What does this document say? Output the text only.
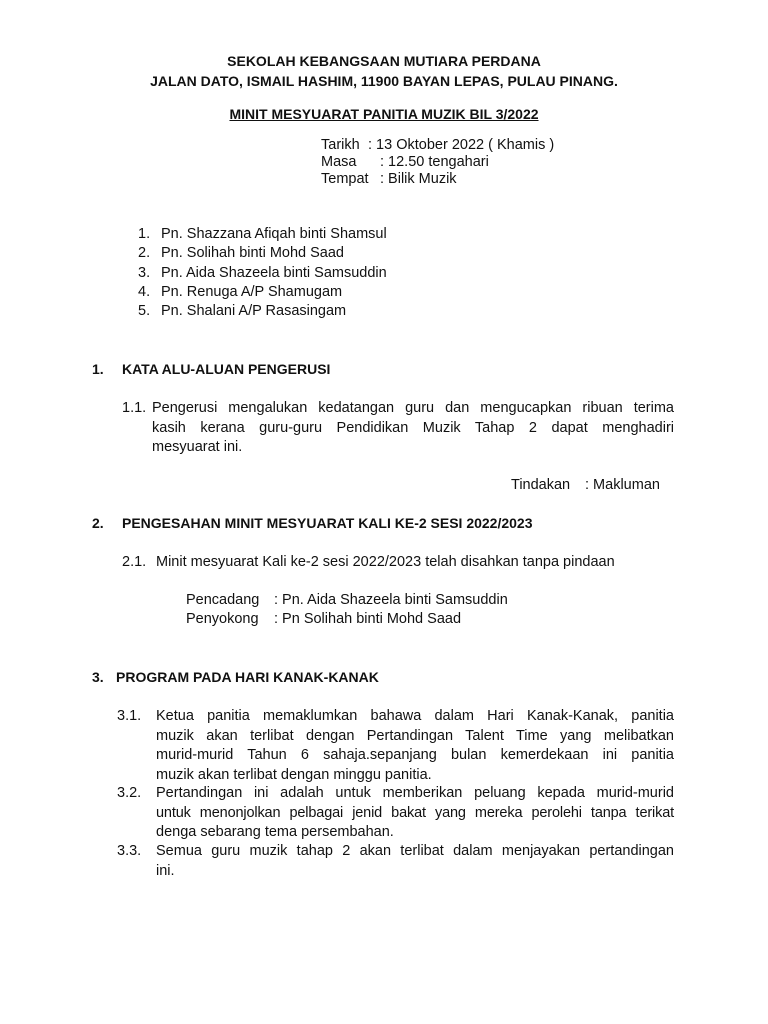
SEKOLAH KEBANGSAAN MUTIARA PERDANA
JALAN DATO, ISMAIL HASHIM, 11900 BAYAN LEPAS, PULAU PINANG.
MINIT MESYUARAT PANITIA MUZIK BIL 3/2022
Tarikh : 13 Oktober 2022 ( Khamis )
Masa : 12.50 tengahari
Tempat : Bilik Muzik
1. Pn. Shazzana Afiqah binti Shamsul
2. Pn. Solihah binti Mohd Saad
3. Pn. Aida Shazeela binti Samsuddin
4. Pn. Renuga A/P Shamugam
5. Pn. Shalani A/P Rasasingam
1. KATA ALU-ALUAN PENGERUSI
1.1. Pengerusi mengalukan kedatangan guru dan mengucapkan ribuan terima
kasih kerana guru-guru Pendidikan Muzik Tahap 2 dapat menghadiri
mesyuarat ini.
Tindakan : Makluman
2. PENGESAHAN MINIT MESYUARAT KALI KE-2 SESI 2022/2023
2.1. Minit mesyuarat Kali ke-2 sesi 2022/2023 telah disahkan tanpa pindaan
Pencadang : Pn. Aida Shazeela binti Samsuddin
Penyokong : Pn Solihah binti Mohd Saad
3. PROGRAM PADA HARI KANAK-KANAK
3.1. Ketua panitia memaklumkan bahawa dalam Hari Kanak-Kanak, panitia
muzik akan terlibat dengan Pertandingan Talent Time yang melibatkan
murid-murid Tahun 6 sahaja.sepanjang bulan kemerdekaan ini panitia
muzik akan terlibat dengan minggu panitia.
3.2. Pertandingan ini adalah untuk memberikan peluang kepada murid-murid
untuk menonjolkan pelbagai jenid bakat yang mereka perolehi tanpa terikat
denga sebarang tema persembahan.
3.3. Semua guru muzik tahap 2 akan terlibat dalam menjayakan pertandingan
ini.
